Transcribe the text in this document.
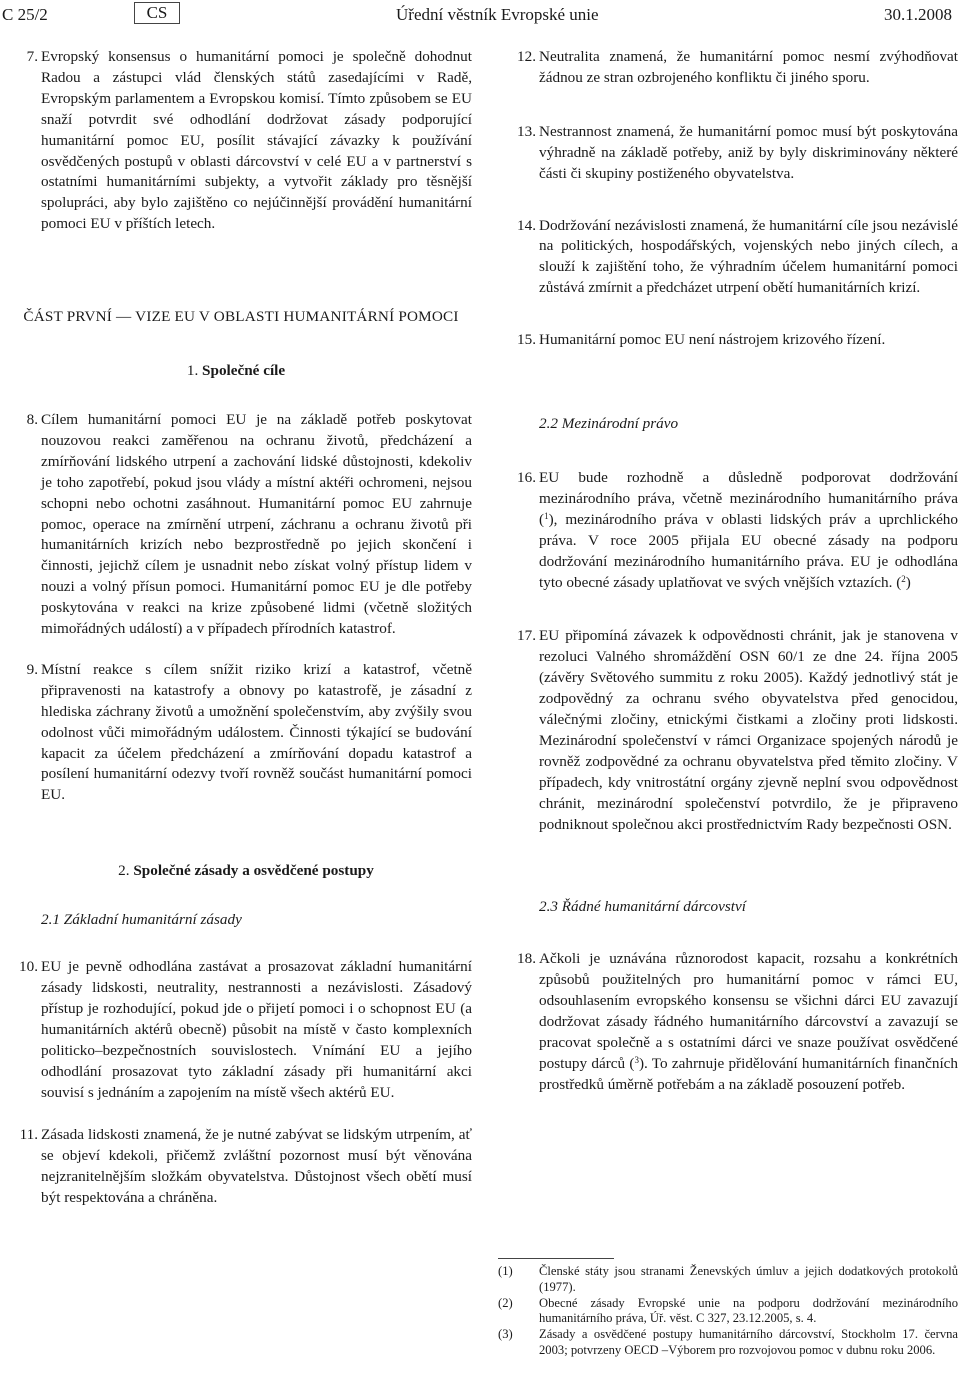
C 25/2	CS	Úřední věstník Evropské unie	30.1.2008
7. Evropský konsensus o humanitární pomoci je společně dohodnut Radou a zástupci vlád členských států zasedajícími v Radě, Evropským parlamentem a Evropskou komisí. Tímto způsobem se EU snaží potvrdit své odhodlání dodržovat zásady podporující humanitární pomoc EU, posílit stávající závazky k používání osvědčených postupů v oblasti dárcovství v celé EU a v partnerství s ostatními humanitárními subjekty, a vytvořit základy pro těsnější spolupráci, aby bylo zajištěno co nejúčinnější provádění humanitární pomoci EU v příštích letech.
ČÁST PRVNÍ — VIZE EU V OBLASTI HUMANITÁRNÍ POMOCI
1. Společné cíle
8. Cílem humanitární pomoci EU je na základě potřeb poskytovat nouzovou reakci zaměřenou na ochranu životů, předcházení a zmírňování lidského utrpení a zachování lidské důstojnosti, kdekoliv je toho zapotřebí, pokud jsou vlády a místní aktéři ochromeni, nejsou schopni nebo ochotni zasáhnout. Humanitární pomoc EU zahrnuje pomoc, operace na zmírnění utrpení, záchranu a ochranu životů při humanitárních krizích nebo bezprostředně po jejich skončení i činnosti, jejichž cílem je usnadnit nebo získat volný přístup lidem v nouzi a volný přísun pomoci. Humanitární pomoc EU je dle potřeby poskytována v reakci na krize způsobené lidmi (včetně složitých mimořádných událostí) a v případech přírodních katastrof.
9. Místní reakce s cílem snížit riziko krizí a katastrof, včetně připravenosti na katastrofy a obnovy po katastrofě, je zásadní z hlediska záchrany životů a umožnění společenstvím, aby zvýšily svou odolnost vůči mimořádným událostem. Činnosti týkající se budování kapacit za účelem předcházení a zmírňování dopadu katastrof a posílení humanitární odezvy tvoří rovněž součást humanitární pomoci EU.
2. Společné zásady a osvědčené postupy
2.1 Základní humanitární zásady
10. EU je pevně odhodlána zastávat a prosazovat základní humanitární zásady lidskosti, neutrality, nestrannosti a nezávislosti. Zásadový přístup je rozhodující, pokud jde o přijetí pomoci i o schopnost EU (a humanitárních aktérů obecně) působit na místě v často komplexních politicko–bezpečnostních souvislostech. Vnímání EU a jejího odhodlání prosazovat tyto základní zásady při humanitární akci souvisí s jednáním a zapojením na místě všech aktérů EU.
11. Zásada lidskosti znamená, že je nutné zabývat se lidským utrpením, ať se objeví kdekoli, přičemž zvláštní pozornost musí být věnována nejzranitelnějším složkám obyvatelstva. Důstojnost všech obětí musí být respektována a chráněna.
12. Neutralita znamená, že humanitární pomoc nesmí zvýhodňovat žádnou ze stran ozbrojeného konfliktu či jiného sporu.
13. Nestrannost znamená, že humanitární pomoc musí být poskytována výhradně na základě potřeby, aniž by byly diskriminovány některé části či skupiny postiženého obyvatelstva.
14. Dodržování nezávislosti znamená, že humanitární cíle jsou nezávislé na politických, hospodářských, vojenských nebo jiných cílech, a slouží k zajištění toho, že výhradním účelem humanitární pomoci zůstává zmírnit a předcházet utrpení obětí humanitárních krizí.
15. Humanitární pomoc EU není nástrojem krizového řízení.
2.2 Mezinárodní právo
16. EU bude rozhodně a důsledně podporovat dodržování mezinárodního práva, včetně mezinárodního humanitárního práva ($^1$), mezinárodního práva v oblasti lidských práv a uprchlického práva. V roce 2005 přijala EU obecné zásady na podporu dodržování mezinárodního humanitárního práva. EU je odhodlána tyto obecné zásady uplatňovat ve svých vnějších vztazích. ($^2$)
17. EU připomíná závazek k odpovědnosti chránit, jak je stanovena v rezoluci Valného shromáždění OSN 60/1 ze dne 24. října 2005 (závěry Světového summitu z roku 2005). Každý jednotlivý stát je zodpovědný za ochranu svého obyvatelstva před genocidou, válečnými zločiny, etnickými čistkami a zločiny proti lidskosti. Mezinárodní společenství v rámci Organizace spojených národů je rovněž zodpovědné za ochranu obyvatelstva před těmito zločiny. V případech, kdy vnitrostátní orgány zjevně neplní svou odpovědnost chránit, mezinárodní společenství potvrdilo, že je připraveno podniknout společnou akci prostřednictvím Rady bezpečnosti OSN.
2.3 Řádné humanitární dárcovství
18. Ačkoli je uznávána různorodost kapacit, rozsahu a konkrétních způsobů použitelných pro humanitární pomoc v rámci EU, odsouhlasením evropského konsensu se všichni dárci EU zavazují dodržovat zásady řádného humanitárního dárcovství a zavazují se pracovat společně a s ostatními dárci ve snaze používat osvědčené postupy dárců ($^3$). To zahrnuje přidělování humanitárních finančních prostředků úměrně potřebám a na základě posouzení potřeb.
(1) Členské státy jsou stranami Ženevských úmluv a jejich dodatkových protokolů (1977).
(2) Obecné zásady Evropské unie na podporu dodržování mezinárodního humanitárního práva, Úř. věst. C 327, 23.12.2005, s. 4.
(3) Zásady a osvědčené postupy humanitárního dárcovství, Stockholm 17. června 2003; potvrzeny OECD –Výborem pro rozvojovou pomoc v dubnu roku 2006.
